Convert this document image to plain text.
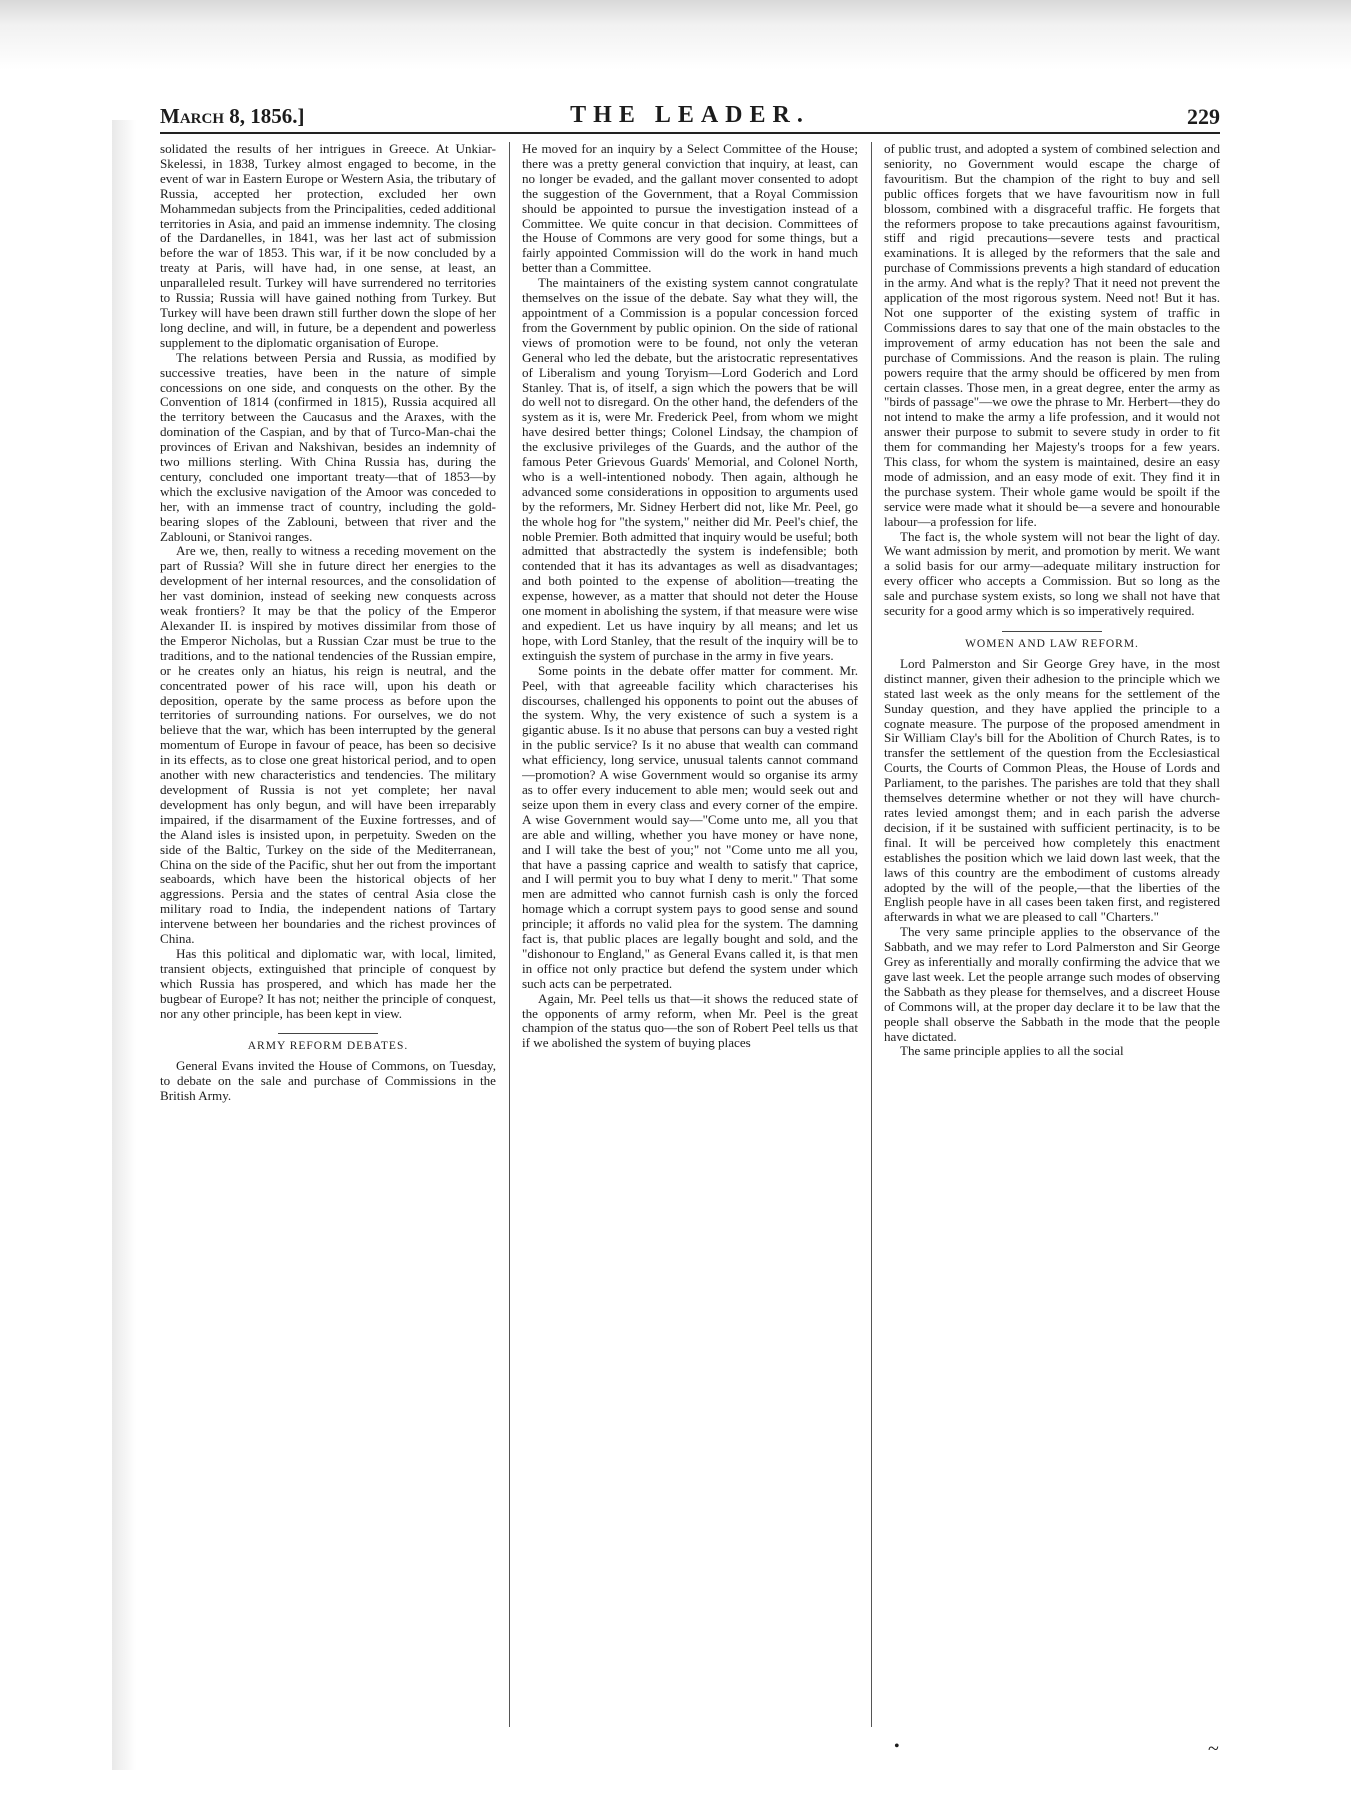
March 8, 1856.]	THE LEADER.	229

solidated the results of her intrigues in Greece. At Unkiar-Skelessi, in 1838, Turkey almost engaged to become, in the event of war in Eastern Europe or Western Asia, the tributary of Russia, accepted her protection, excluded her own Mohammedan subjects from the Principalities, ceded additional territories in Asia, and paid an immense indemnity. The closing of the Dardanelles, in 1841, was her last act of submission before the war of 1853. This war, if it be now concluded by a treaty at Paris, will have had, in one sense, at least, an unparalleled result. Turkey will have surrendered no territories to Russia; Russia will have gained nothing from Turkey. But Turkey will have been drawn still further down the slope of her long decline, and will, in future, be a dependent and powerless supplement to the diplomatic organisation of Europe.

The relations between Persia and Russia, as modified by successive treaties, have been in the nature of simple concessions on one side, and conquests on the other. By the Convention of 1814 (confirmed in 1815), Russia acquired all the territory between the Caucasus and the Araxes, with the domination of the Caspian, and by that of Turco-Man-chai the provinces of Erivan and Nakshivan, besides an indemnity of two millions sterling. With China Russia has, during the century, concluded one important treaty—that of 1853—by which the exclusive navigation of the Amoor was conceded to her, with an immense tract of country, including the gold-bearing slopes of the Zablouni, between that river and the Zablouni, or Stanivoi ranges.

Are we, then, really to witness a receding movement on the part of Russia? Will she in future direct her energies to the development of her internal resources, and the consolidation of her vast dominion, instead of seeking new conquests across weak frontiers? It may be that the policy of the Emperor Alexander II. is inspired by motives dissimilar from those of the Emperor Nicholas, but a Russian Czar must be true to the traditions, and to the national tendencies of the Russian empire, or he creates only an hiatus, his reign is neutral, and the concentrated power of his race will, upon his death or deposition, operate by the same process as before upon the territories of surrounding nations. For ourselves, we do not believe that the war, which has been interrupted by the general momentum of Europe in favour of peace, has been so decisive in its effects, as to close one great historical period, and to open another with new characteristics and tendencies. The military development of Russia is not yet complete; her naval development has only begun, and will have been irreparably impaired, if the disarmament of the Euxine fortresses, and of the Aland isles is insisted upon, in perpetuity. Sweden on the side of the Baltic, Turkey on the side of the Mediterranean, China on the side of the Pacific, shut her out from the important seaboards, which have been the historical objects of her aggressions. Persia and the states of central Asia close the military road to India, the independent nations of Tartary intervene between her boundaries and the richest provinces of China.

Has this political and diplomatic war, with local, limited, transient objects, extinguished that principle of conquest by which Russia has prospered, and which has made her the bugbear of Europe? It has not; neither the principle of conquest, nor any other principle, has been kept in view.

ARMY REFORM DEBATES.

General Evans invited the House of Commons, on Tuesday, to debate on the sale and purchase of Commissions in the British Army.

He moved for an inquiry by a Select Committee of the House; there was a pretty general conviction that inquiry, at least, can no longer be evaded, and the gallant mover consented to adopt the suggestion of the Government, that a Royal Commission should be appointed to pursue the investigation instead of a Committee. We quite concur in that decision. Committees of the House of Commons are very good for some things, but a fairly appointed Commission will do the work in hand much better than a Committee.

The maintainers of the existing system cannot congratulate themselves on the issue of the debate. Say what they will, the appointment of a Commission is a popular concession forced from the Government by public opinion. On the side of rational views of promotion were to be found, not only the veteran General who led the debate, but the aristocratic representatives of Liberalism and young Toryism—Lord Goderich and Lord Stanley. That is, of itself, a sign which the powers that be will do well not to disregard. On the other hand, the defenders of the system as it is, were Mr. Frederick Peel, from whom we might have desired better things; Colonel Lindsay, the champion of the exclusive privileges of the Guards, and the author of the famous Peter Grievous Guards' Memorial, and Colonel North, who is a well-intentioned nobody. Then again, although he advanced some considerations in opposition to arguments used by the reformers, Mr. Sidney Herbert did not, like Mr. Peel, go the whole hog for "the system," neither did Mr. Peel's chief, the noble Premier. Both admitted that inquiry would be useful; both admitted that abstractedly the system is indefensible; both contended that it has its advantages as well as disadvantages; and both pointed to the expense of abolition—treating the expense, however, as a matter that should not deter the House one moment in abolishing the system, if that measure were wise and expedient. Let us have inquiry by all means; and let us hope, with Lord Stanley, that the result of the inquiry will be to extinguish the system of purchase in the army in five years.

Some points in the debate offer matter for comment. Mr. Peel, with that agreeable facility which characterises his discourses, challenged his opponents to point out the abuses of the system. Why, the very existence of such a system is a gigantic abuse. Is it no abuse that persons can buy a vested right in the public service? Is it no abuse that wealth can command what efficiency, long service, unusual talents cannot command—promotion? A wise Government would so organise its army as to offer every inducement to able men; would seek out and seize upon them in every class and every corner of the empire. A wise Government would say—"Come unto me, all you that are able and willing, whether you have money or have none, and I will take the best of you;" not "Come unto me all you, that have a passing caprice and wealth to satisfy that caprice, and I will permit you to buy what I deny to merit." That some men are admitted who cannot furnish cash is only the forced homage which a corrupt system pays to good sense and sound principle; it affords no valid plea for the system. The damning fact is, that public places are legally bought and sold, and the "dishonour to England," as General Evans called it, is that men in office not only practice but defend the system under which such acts can be perpetrated.

Again, Mr. Peel tells us that—it shows the reduced state of the opponents of army reform, when Mr. Peel is the great champion of the status quo—the son of Robert Peel tells us that if we abolished the system of buying places

of public trust, and adopted a system of combined selection and seniority, no Government would escape the charge of favouritism. But the champion of the right to buy and sell public offices forgets that we have favouritism now in full blossom, combined with a disgraceful traffic. He forgets that the reformers propose to take precautions against favouritism, stiff and rigid precautions—severe tests and practical examinations. It is alleged by the reformers that the sale and purchase of Commissions prevents a high standard of education in the army. And what is the reply? That it need not prevent the application of the most rigorous system. Need not! But it has. Not one supporter of the existing system of traffic in Commissions dares to say that one of the main obstacles to the improvement of army education has not been the sale and purchase of Commissions. And the reason is plain. The ruling powers require that the army should be officered by men from certain classes. Those men, in a great degree, enter the army as "birds of passage"—we owe the phrase to Mr. Herbert—they do not intend to make the army a life profession, and it would not answer their purpose to submit to severe study in order to fit them for commanding her Majesty's troops for a few years. This class, for whom the system is maintained, desire an easy mode of admission, and an easy mode of exit. They find it in the purchase system. Their whole game would be spoilt if the service were made what it should be—a severe and honourable labour—a profession for life.

The fact is, the whole system will not bear the light of day. We want admission by merit, and promotion by merit. We want a solid basis for our army—adequate military instruction for every officer who accepts a Commission. But so long as the sale and purchase system exists, so long we shall not have that security for a good army which is so imperatively required.

WOMEN AND LAW REFORM.

Lord Palmerston and Sir George Grey have, in the most distinct manner, given their adhesion to the principle which we stated last week as the only means for the settlement of the Sunday question, and they have applied the principle to a cognate measure. The purpose of the proposed amendment in Sir William Clay's bill for the Abolition of Church Rates, is to transfer the settlement of the question from the Ecclesiastical Courts, the Courts of Common Pleas, the House of Lords and Parliament, to the parishes. The parishes are told that they shall themselves determine whether or not they will have church-rates levied amongst them; and in each parish the adverse decision, if it be sustained with sufficient pertinacity, is to be final. It will be perceived how completely this enactment establishes the position which we laid down last week, that the laws of this country are the embodiment of customs already adopted by the will of the people,—that the liberties of the English people have in all cases been taken first, and registered afterwards in what we are pleased to call "Charters."

The very same principle applies to the observance of the Sabbath, and we may refer to Lord Palmerston and Sir George Grey as inferentially and morally confirming the advice that we gave last week. Let the people arrange such modes of observing the Sabbath as they please for themselves, and a discreet House of Commons will, at the proper day declare it to be law that the people shall observe the Sabbath in the mode that the people have dictated.

The same principle applies to all the social

•	~
